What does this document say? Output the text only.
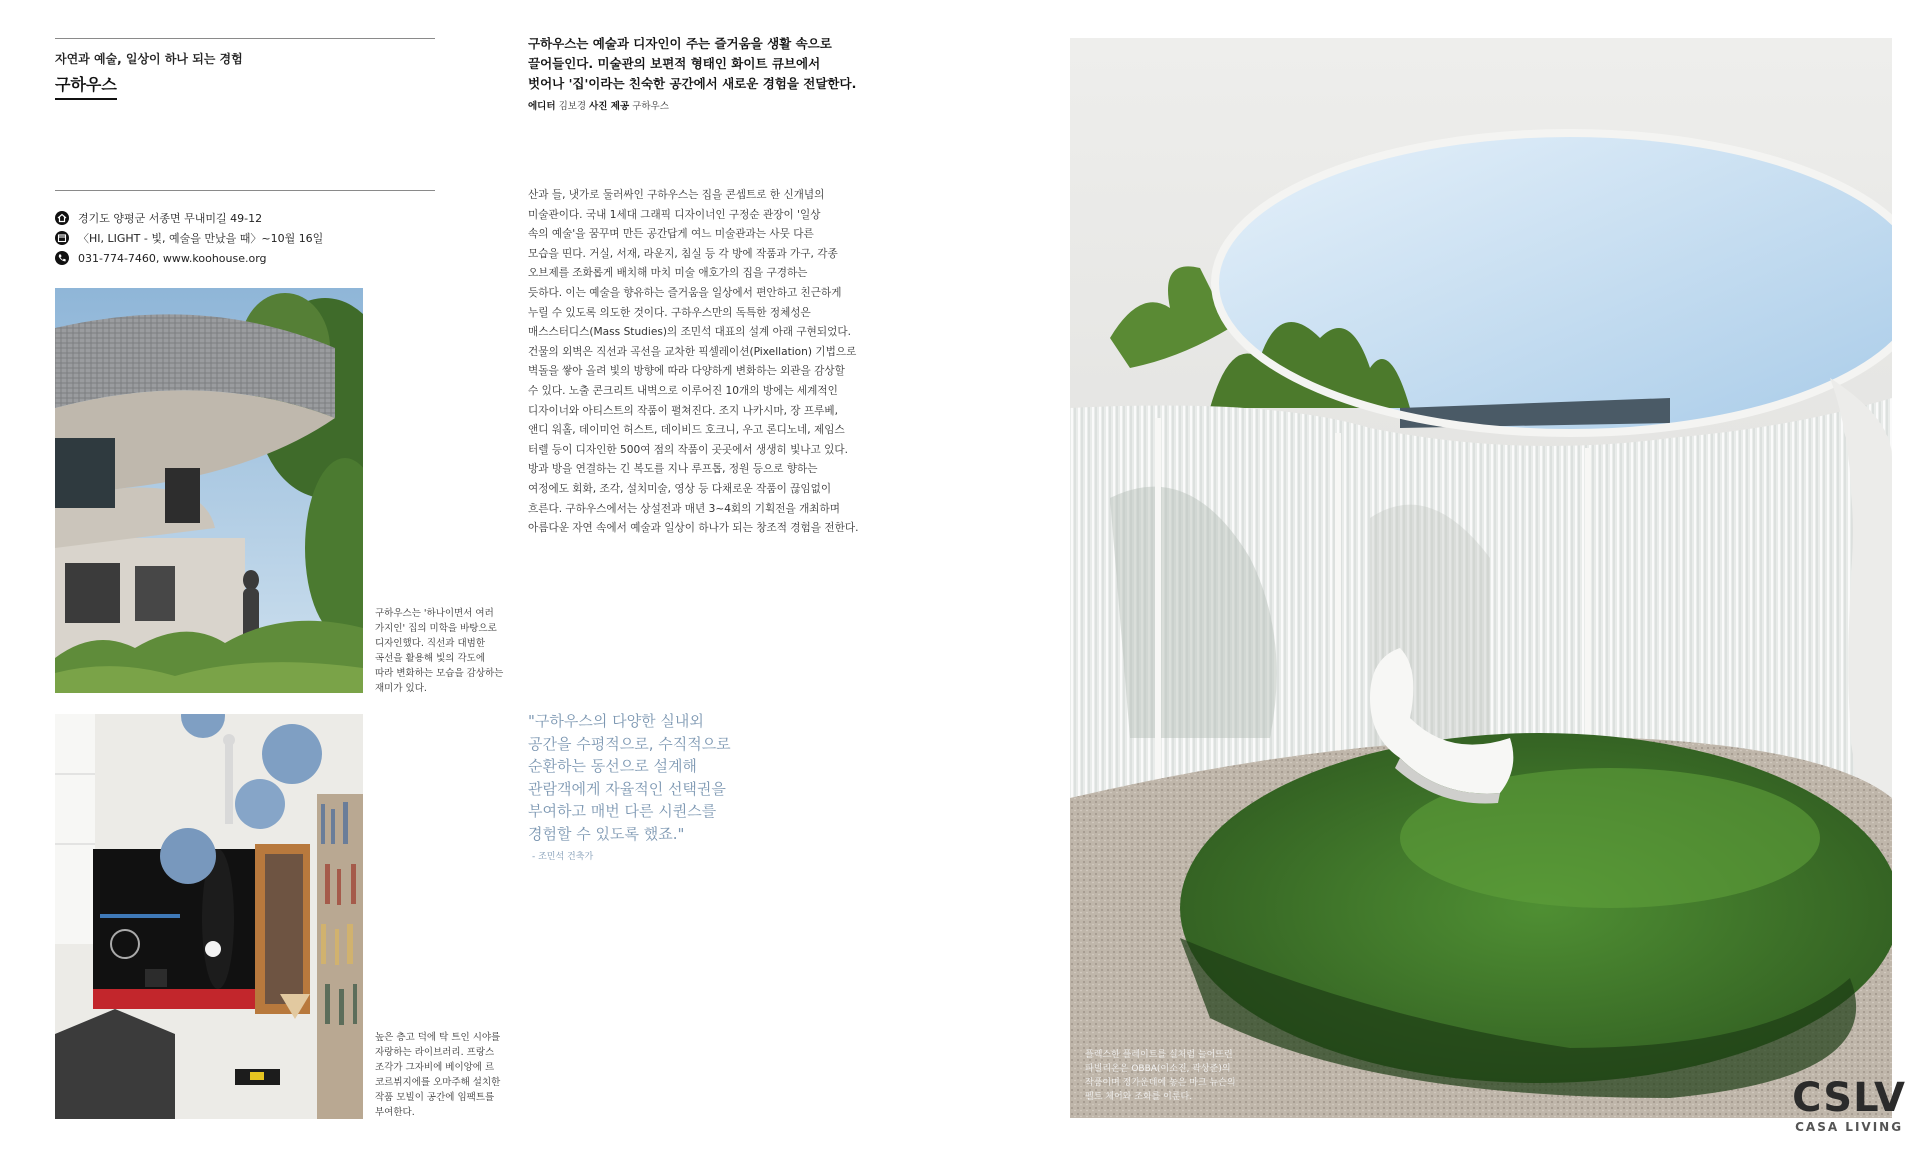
자연과 예술, 일상이 하나 되는 경험
구하우스
경기도 양평군 서종면 무내미길 49-12
〈HI, LIGHT - 빛, 예술을 만났을 때〉~10월 16일
031-774-7460, www.koohouse.org
구하우스는 '하나이면서 여러
가지인' 집의 미학을 바탕으로
디자인했다. 직선과 대범한
곡선을 활용해 빛의 각도에
따라 변화하는 모습을 감상하는
재미가 있다.
높은 층고 덕에 탁 트인 시야를
자랑하는 라이브러리. 프랑스
조각가 그자비에 베이앙에 르
코르뷔지에를 오마주해 설치한
작품 모빌이 공간에 임팩트를
부여한다.
구하우스는 예술과 디자인이 주는 즐거움을 생활 속으로
끌어들인다. 미술관의 보편적 형태인 화이트 큐브에서
벗어나 '집'이라는 친숙한 공간에서 새로운 경험을 전달한다.
에디터 김보경 사진 제공 구하우스
산과 들, 냇가로 둘러싸인 구하우스는 집을 콘셉트로 한 신개념의
미술관이다. 국내 1세대 그래픽 디자이너인 구정순 관장이 '일상
속의 예술'을 꿈꾸며 만든 공간답게 여느 미술관과는 사뭇 다른
모습을 띤다. 거실, 서재, 라운지, 침실 등 각 방에 작품과 가구, 각종
오브제를 조화롭게 배치해 마치 미술 애호가의 집을 구경하는
듯하다. 이는 예술을 향유하는 즐거움을 일상에서 편안하고 친근하게
누릴 수 있도록 의도한 것이다. 구하우스만의 독특한 정체성은
매스스터디스(Mass Studies)의 조민석 대표의 설계 아래 구현되었다.
건물의 외벽은 직선과 곡선을 교차한 픽셀레이션(Pixellation) 기법으로
벽돌을 쌓아 올려 빛의 방향에 따라 다양하게 변화하는 외관을 감상할
수 있다. 노출 콘크리트 내벽으로 이루어진 10개의 방에는 세계적인
디자이너와 아티스트의 작품이 펼쳐진다. 조지 나카시마, 장 프루베,
앤디 워홀, 데이미언 허스트, 데이비드 호크니, 우고 론디노네, 제임스
터렐 등이 디자인한 500여 점의 작품이 곳곳에서 생생히 빛나고 있다.
방과 방을 연결하는 긴 복도를 지나 루프톱, 정원 등으로 향하는
여정에도 회화, 조각, 설치미술, 영상 등 다채로운 작품이 끊임없이
흐른다. 구하우스에서는 상설전과 매년 3~4회의 기획전을 개최하며
아름다운 자연 속에서 예술과 일상이 하나가 되는 창조적 경험을 전한다.
"구하우스의 다양한 실내외
공간을 수평적으로, 수직적으로
순환하는 동선으로 설계해
관람객에게 자율적인 선택권을
부여하고 매번 다른 시퀀스를
경험할 수 있도록 했죠."
- 조민석 건축가
플렉스한 플레이트를 실처럼 늘어뜨린
파빌리온은 OBBA(이소진, 곽상준)의
작품이며 정가운데에 놓은 마크 뉴슨의
펠트 체어와 조화를 이룬다.	CSLV
CASA LIVING
